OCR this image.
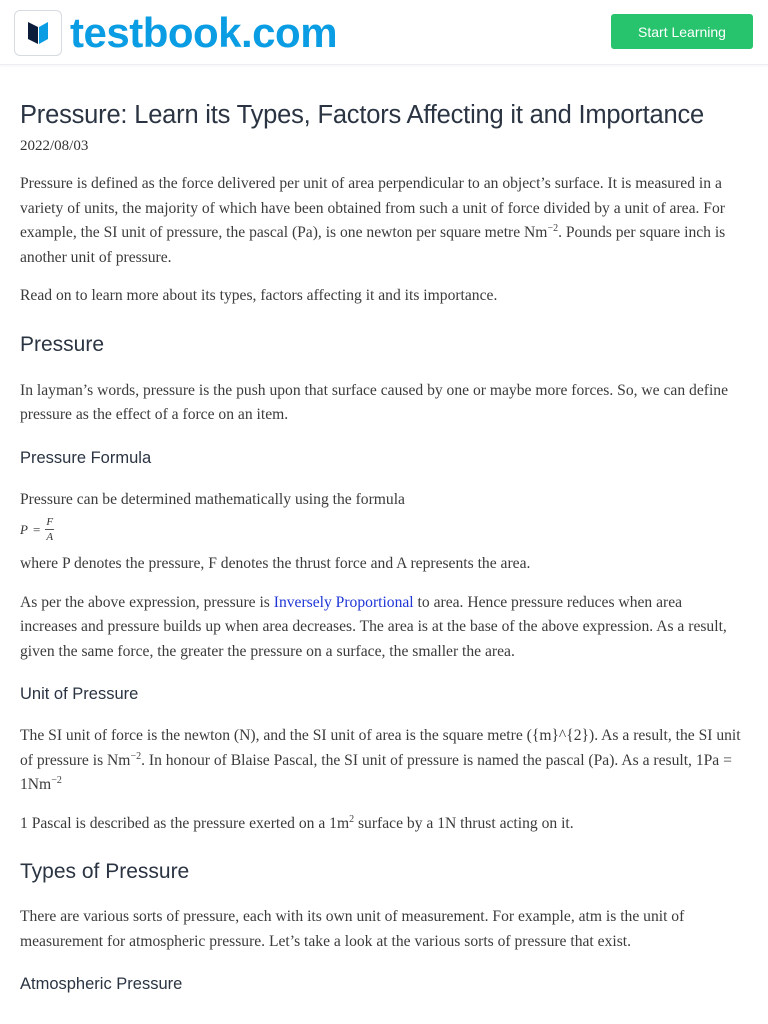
testbook.com	Start Learning
Pressure: Learn its Types, Factors Affecting it and Importance
2022/08/03

Pressure is defined as the force delivered per unit of area perpendicular to an object’s surface. It is measured in a variety of units, the majority of which have been obtained from such a unit of force divided by a unit of area. For example, the SI unit of pressure, the pascal (Pa), is one newton per square metre $Nm^{-2}$. Pounds per square inch is another unit of pressure.

Read on to learn more about its types, factors affecting it and its importance.

Pressure

In layman’s words, pressure is the push upon that surface caused by one or maybe more forces. So, we can define pressure as the effect of a force on an item.

Pressure Formula

Pressure can be determined mathematically using the formula

$P = \frac{F}{A}$

where P denotes the pressure, F denotes the thrust force and A represents the area.

As per the above expression, pressure is Inversely Proportional to area. Hence pressure reduces when area increases and pressure builds up when area decreases. The area is at the base of the above expression. As a result, given the same force, the greater the pressure on a surface, the smaller the area.

Unit of Pressure

The SI unit of force is the newton (N), and the SI unit of area is the square metre ({m}^{2}). As a result, the SI unit of pressure is $Nm^{-2}$. In honour of Blaise Pascal, the SI unit of pressure is named the pascal (Pa). As a result, $1Pa = 1Nm^{-2}$

1 Pascal is described as the pressure exerted on a $1m^2$ surface by a 1N thrust acting on it.

Types of Pressure

There are various sorts of pressure, each with its own unit of measurement. For example, atm is the unit of measurement for atmospheric pressure. Let’s take a look at the various sorts of pressure that exist.

Atmospheric Pressure
